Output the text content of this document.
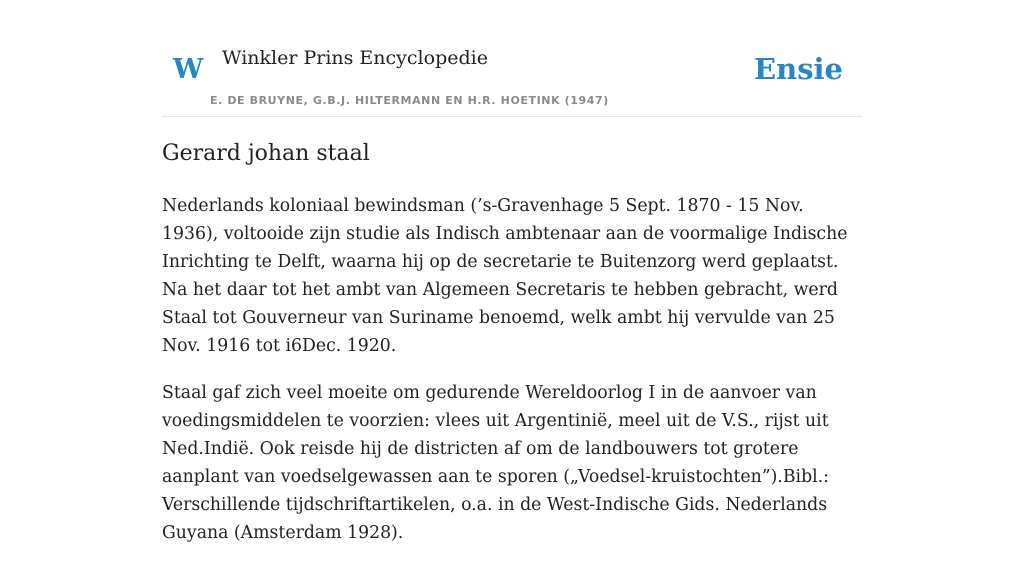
W Winkler Prins Encyclopedie
E. DE BRUYNE, G.B.J. HILTERMANN EN H.R. HOETINK (1947)
Ensie
Gerard johan staal

Nederlands koloniaal bewindsman (’s-Gravenhage 5 Sept. 1870 - 15 Nov. 1936), voltooide zijn studie als Indisch ambtenaar aan de voormalige Indische Inrichting te Delft, waarna hij op de secretarie te Buitenzorg werd geplaatst. Na het daar tot het ambt van Algemeen Secretaris te hebben gebracht, werd Staal tot Gouverneur van Suriname benoemd, welk ambt hij vervulde van 25 Nov. 1916 tot i6Dec. 1920.

Staal gaf zich veel moeite om gedurende Wereldoorlog I in de aanvoer van voedingsmiddelen te voorzien: vlees uit Argentinië, meel uit de V.S., rijst uit Ned.Indië. Ook reisde hij de districten af om de landbouwers tot grotere aanplant van voedselgewassen aan te sporen („Voedsel-kruistochten”).Bibl.: Verschillende tijdschriftartikelen, o.a. in de West-Indische Gids. Nederlands Guyana (Amsterdam 1928).
